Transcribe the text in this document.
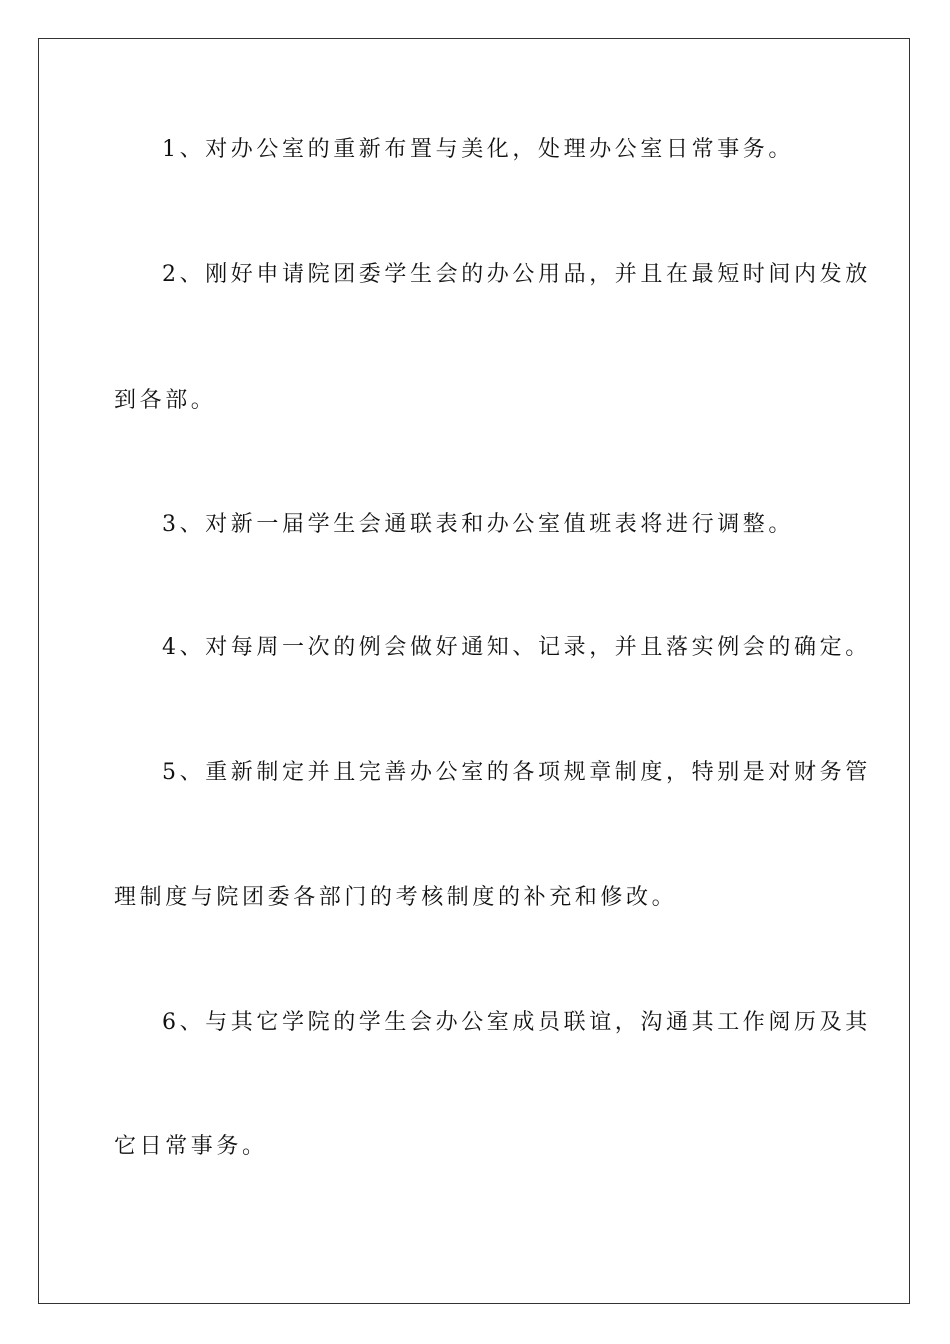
1、对办公室的重新布置与美化，处理办公室日常事务。
2、刚好申请院团委学生会的办公用品，并且在最短时间内发放
到各部。
3、对新一届学生会通联表和办公室值班表将进行调整。
4、对每周一次的例会做好通知、记录，并且落实例会的确定。
5、重新制定并且完善办公室的各项规章制度，特别是对财务管
理制度与院团委各部门的考核制度的补充和修改。
6、与其它学院的学生会办公室成员联谊，沟通其工作阅历及其
它日常事务。
